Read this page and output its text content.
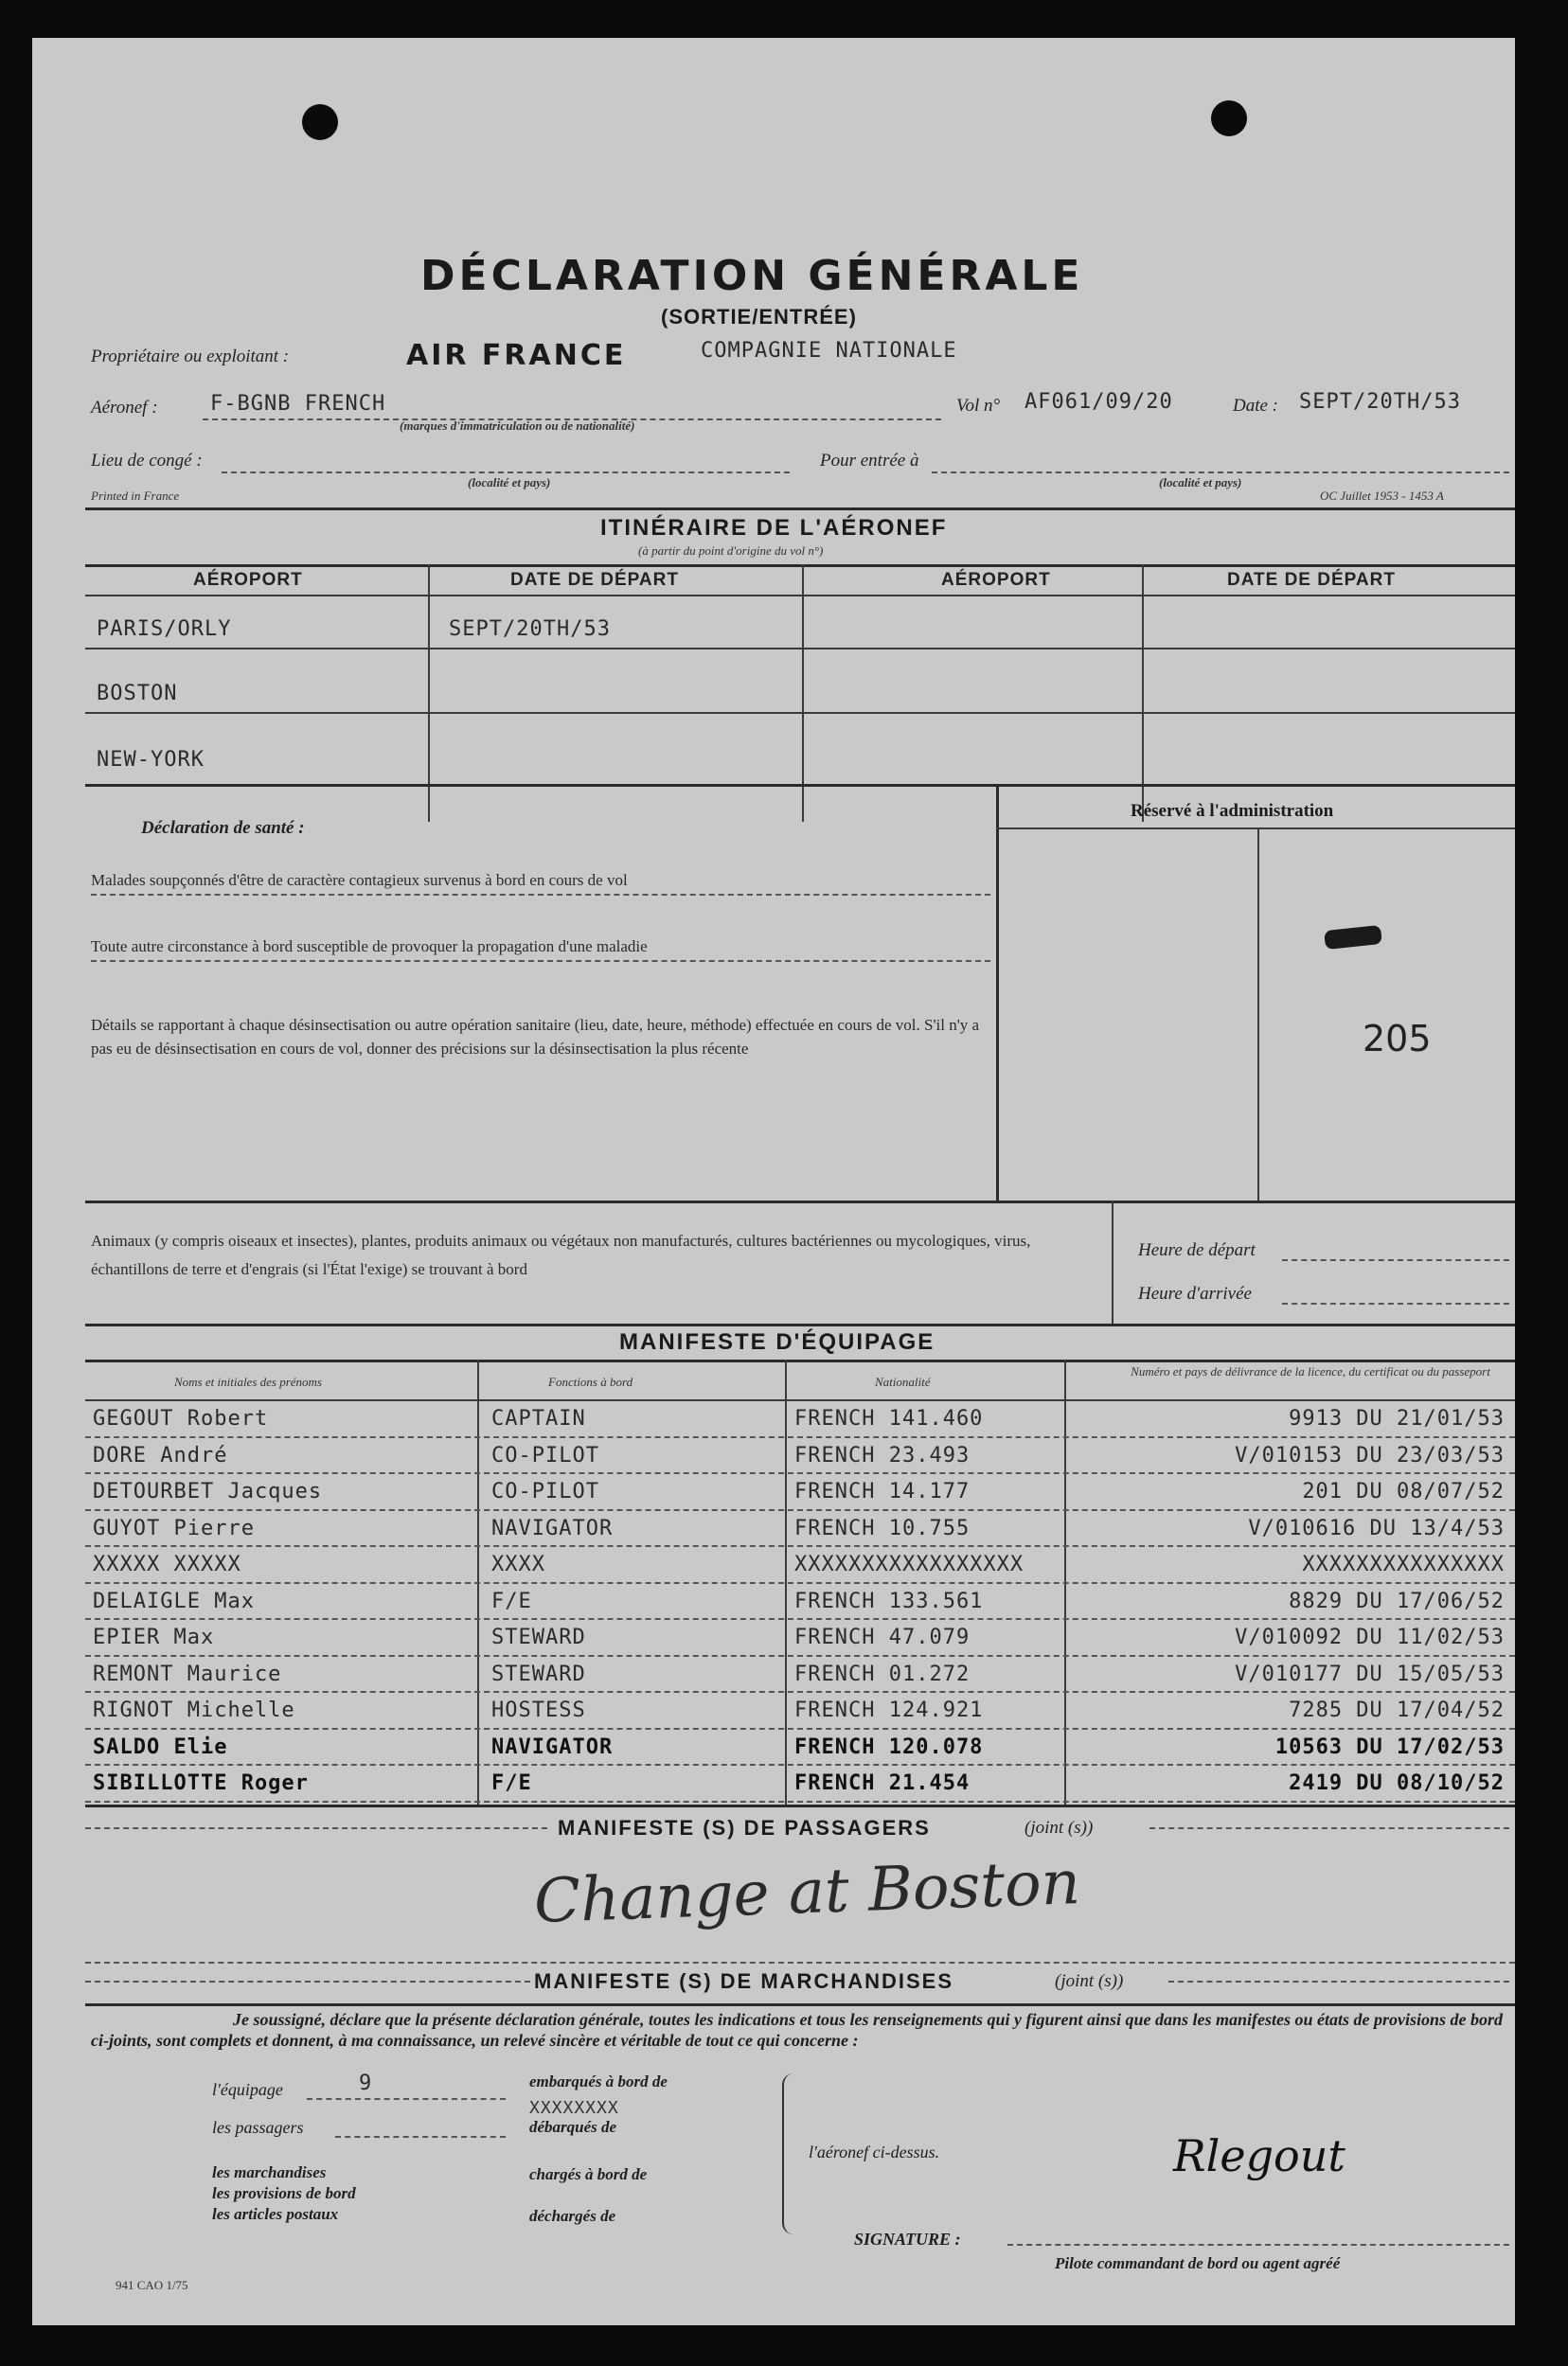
DÉCLARATION GÉNÉRALE
(SORTIE/ENTRÉE)
Propriétaire ou exploitant :	AIR FRANCE	COMPAGNIE NATIONALE
Aéronef :	F-BGNB FRENCH
(marques d'immatriculation ou de nationalité)
Vol n° AF061/09/20	Date : SEPT/20TH/53
Lieu de congé :
(localité et pays)
Pour entrée à
(localité et pays)
Printed in France	OC Juillet 1953 - 1453 A
ITINÉRAIRE DE L'AÉRONEF
(à partir du point d'origine du vol n°)
AÉROPORT	DATE DE DÉPART	AÉROPORT	DATE DE DÉPART
PARIS/ORLY	SEPT/20TH/53
BOSTON
NEW-YORK
Déclaration de santé :
Malades soupçonnés d'être de caractère contagieux survenus à bord en cours de vol
Toute autre circonstance à bord susceptible de provoquer la propagation d'une maladie
Détails se rapportant à chaque désinsectisation ou autre opération sanitaire (lieu, date, heure, méthode) effectuée en cours de vol. S'il n'y a pas eu de désinsectisation en cours de vol, donner des précisions sur la désinsectisation la plus récente
Réservé à l'administration
205
Animaux (y compris oiseaux et insectes), plantes, produits animaux ou végétaux non manufacturés, cultures bactériennes ou mycologiques, virus, échantillons de terre et d'engrais (si l'État l'exige) se trouvant à bord
Heure de départ
Heure d'arrivée
MANIFESTE D'ÉQUIPAGE
Noms et initiales des prénoms	Fonctions à bord	Nationalité
Numéro et pays de délivrance de la licence, du certificat ou du passeport
GEGOUT Robert	CAPTAIN	FRENCH 141.460	9913 DU 21/01/53
DORE André	CO-PILOT	FRENCH 23.493	V/010153 DU 23/03/53
DETOURBET Jacques	CO-PILOT	FRENCH 14.177	201 DU 08/07/52
GUYOT Pierre	NAVIGATOR	FRENCH 10.755	V/010616 DU 13/4/53
XXXXX XXXXX	XXXX	XXXXXXXXXXXXXXXXX	XXXXXXXXXXXXXXX
DELAIGLE Max	F/E	FRENCH 133.561	8829 DU 17/06/52
EPIER Max	STEWARD	FRENCH 47.079	V/010092 DU 11/02/53
REMONT Maurice	STEWARD	FRENCH 01.272	V/010177 DU 15/05/53
RIGNOT Michelle	HOSTESS	FRENCH 124.921	7285 DU 17/04/52
SALDO Elie	NAVIGATOR	FRENCH 120.078	10563 DU 17/02/53
SIBILLOTTE Roger	F/E	FRENCH 21.454	2419 DU 08/10/52
MANIFESTE (S) DE PASSAGERS	(joint (s))
Change at Boston
MANIFESTE (S) DE MARCHANDISES	(joint (s))
Je soussigné, déclare que la présente déclaration générale, toutes les indications et tous les renseignements qui y figurent ainsi que dans les manifestes ou états de provisions de bord ci-joints, sont complets et donnent, à ma connaissance, un relevé sincère et véritable de tout ce qui concerne :
l'équipage	9
les passagers
embarqués à bord de
XXXXXXXX
débarqués de
les marchandises
les provisions de bord
les articles postaux
chargés à bord de
déchargés de
l'aéronef ci-dessus.	Rlegout
SIGNATURE :
Pilote commandant de bord ou agent agréé
941 CAO 1/75
